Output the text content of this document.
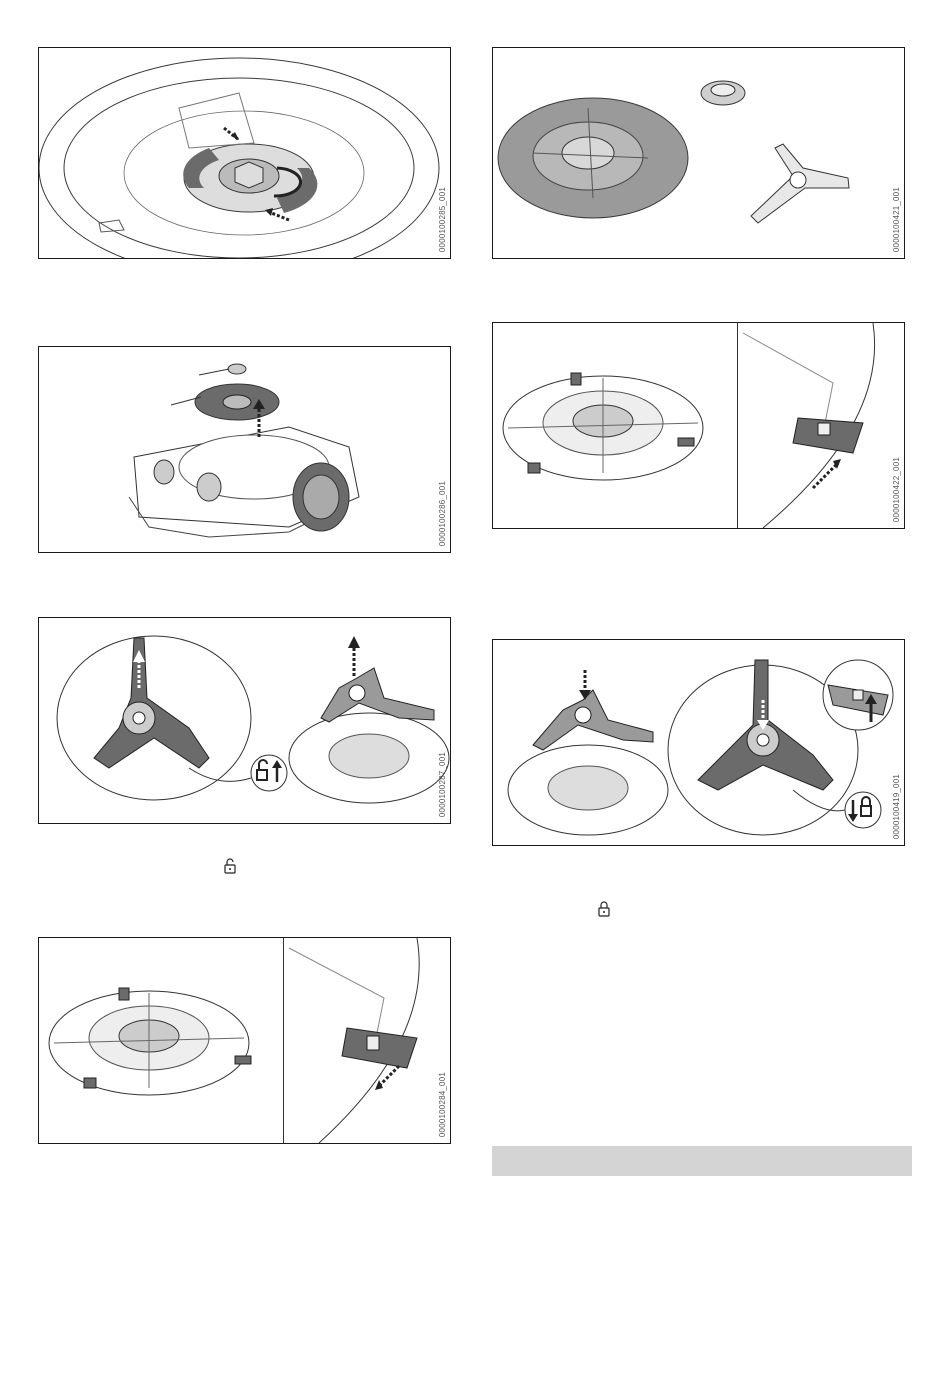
0000100285_001	0000100421_001
0000100286_001	0000100422_001
0000100287_001	0000100419_001
0000100284_001
